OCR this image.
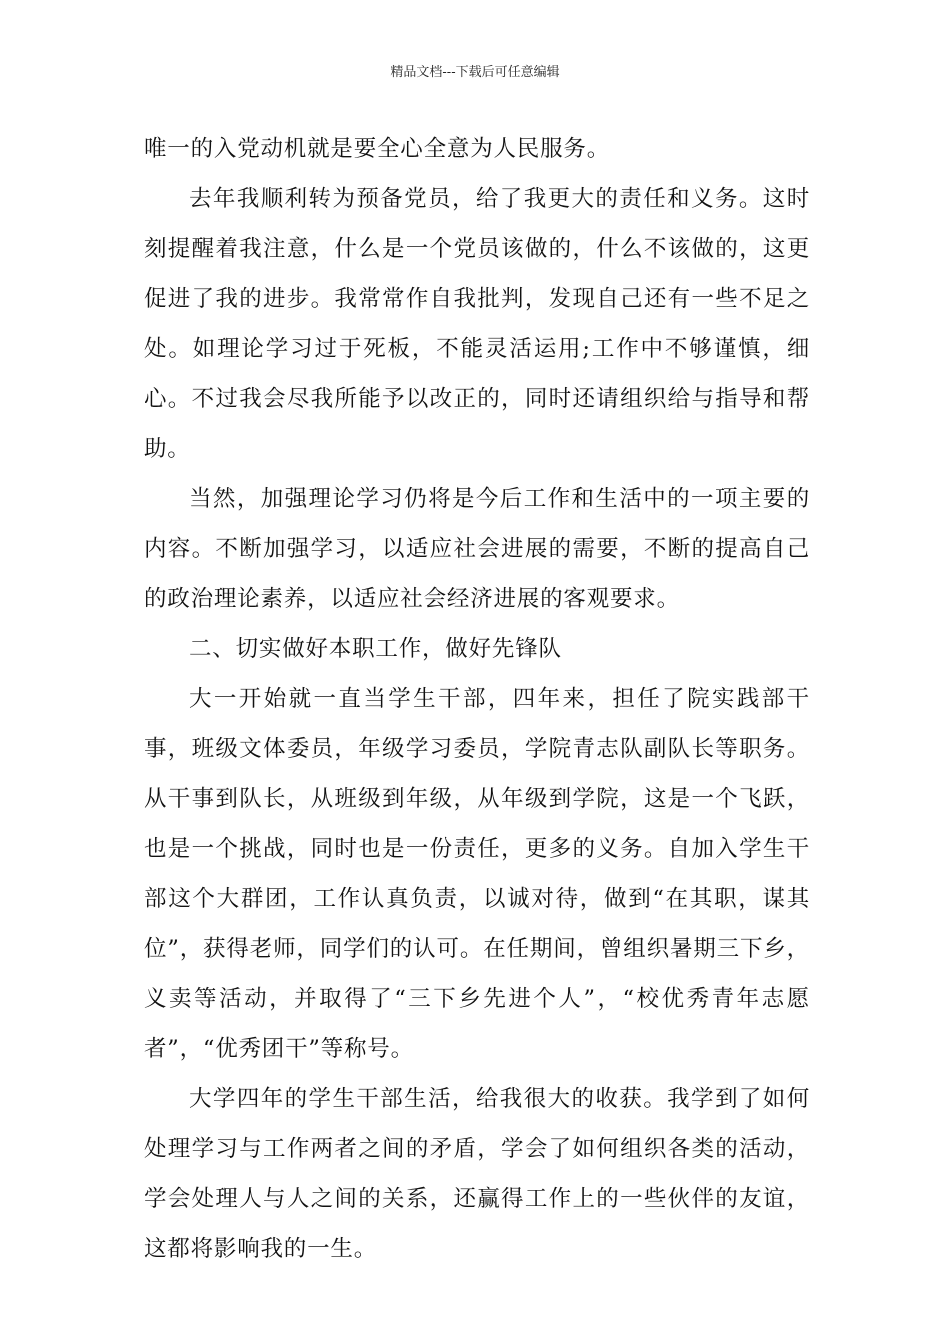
精品文档---下载后可任意编辑

唯一的入党动机就是要全心全意为人民服务。

去年我顺利转为预备党员，给了我更大的责任和义务。这时刻提醒着我注意，什么是一个党员该做的，什么不该做的，这更促进了我的进步。我常常作自我批判，发现自己还有一些不足之处。如理论学习过于死板，不能灵活运用;工作中不够谨慎，细心。不过我会尽我所能予以改正的，同时还请组织给与指导和帮助。

当然，加强理论学习仍将是今后工作和生活中的一项主要的内容。不断加强学习，以适应社会进展的需要，不断的提高自己的政治理论素养，以适应社会经济进展的客观要求。

二、切实做好本职工作，做好先锋队

大一开始就一直当学生干部，四年来，担任了院实践部干事，班级文体委员，年级学习委员，学院青志队副队长等职务。从干事到队长，从班级到年级，从年级到学院，这是一个飞跃，也是一个挑战，同时也是一份责任，更多的义务。自加入学生干部这个大群团，工作认真负责，以诚对待，做到“在其职，谋其位”，获得老师，同学们的认可。在任期间，曾组织暑期三下乡，义卖等活动，并取得了“三下乡先进个人”，“校优秀青年志愿者”，“优秀团干”等称号。

大学四年的学生干部生活，给我很大的收获。我学到了如何处理学习与工作两者之间的矛盾，学会了如何组织各类的活动，学会处理人与人之间的关系，还赢得工作上的一些伙伴的友谊，这都将影响我的一生。
